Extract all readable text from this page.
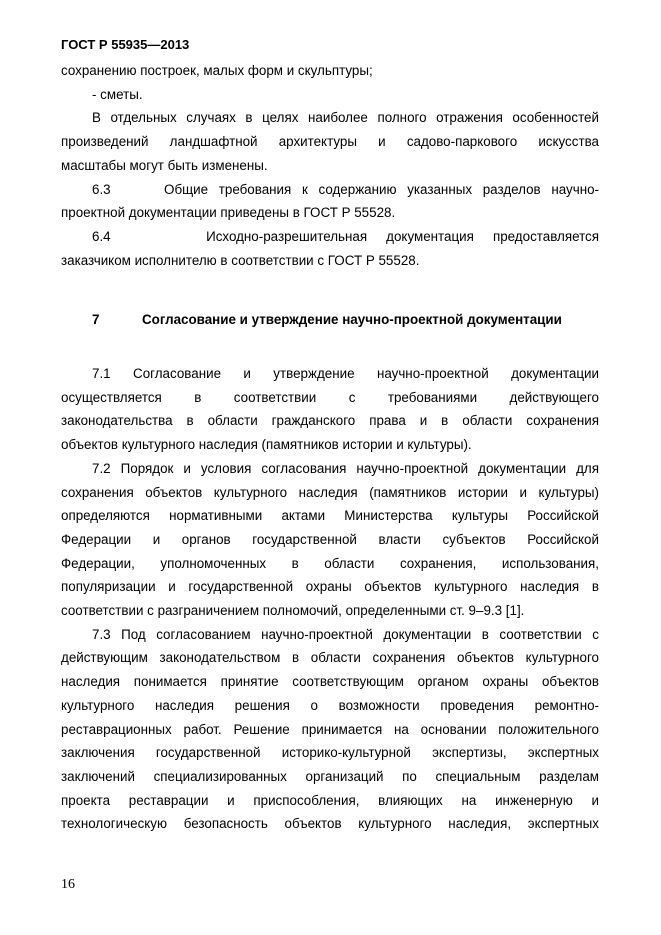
ГОСТ Р 55935—2013
сохранению построек, малых форм и скульптуры;
- сметы.
В отдельных случаях в целях наиболее полного отражения особенностей
произведений ландшафтной архитектуры и садово-паркового искусства
масштабы могут быть изменены.
6.3     Общие требования к содержанию указанных разделов научно-
проектной документации приведены в ГОСТ Р 55528.
6.4     Исходно-разрешительная документация предоставляется
заказчиком исполнителю в соответствии с ГОСТ Р 55528.
7	Согласование и утверждение научно-проектной документации
7.1 Согласование и утверждение научно-проектной документации
осуществляется в соответствии с требованиями действующего
законодательства в области гражданского права и в области сохранения
объектов культурного наследия (памятников истории и культуры).
7.2 Порядок и условия согласования научно-проектной документации для
сохранения объектов культурного наследия (памятников истории и культуры)
определяются нормативными актами Министерства культуры Российской
Федерации и органов государственной власти субъектов Российской
Федерации, уполномоченных в области сохранения, использования,
популяризации и государственной охраны объектов культурного наследия в
соответствии с разграничением полномочий, определенными ст. 9–9.3 [1].
7.3 Под согласованием научно-проектной документации в соответствии с
действующим законодательством в области сохранения объектов культурного
наследия понимается принятие соответствующим органом охраны объектов
культурного наследия решения о возможности проведения ремонтно-
реставрационных работ. Решение принимается на основании положительного
заключения государственной историко-культурной экспертизы, экспертных
заключений специализированных организаций по специальным разделам
проекта реставрации и приспособления, влияющих на инженерную и
технологическую безопасность объектов культурного наследия, экспертных
16
